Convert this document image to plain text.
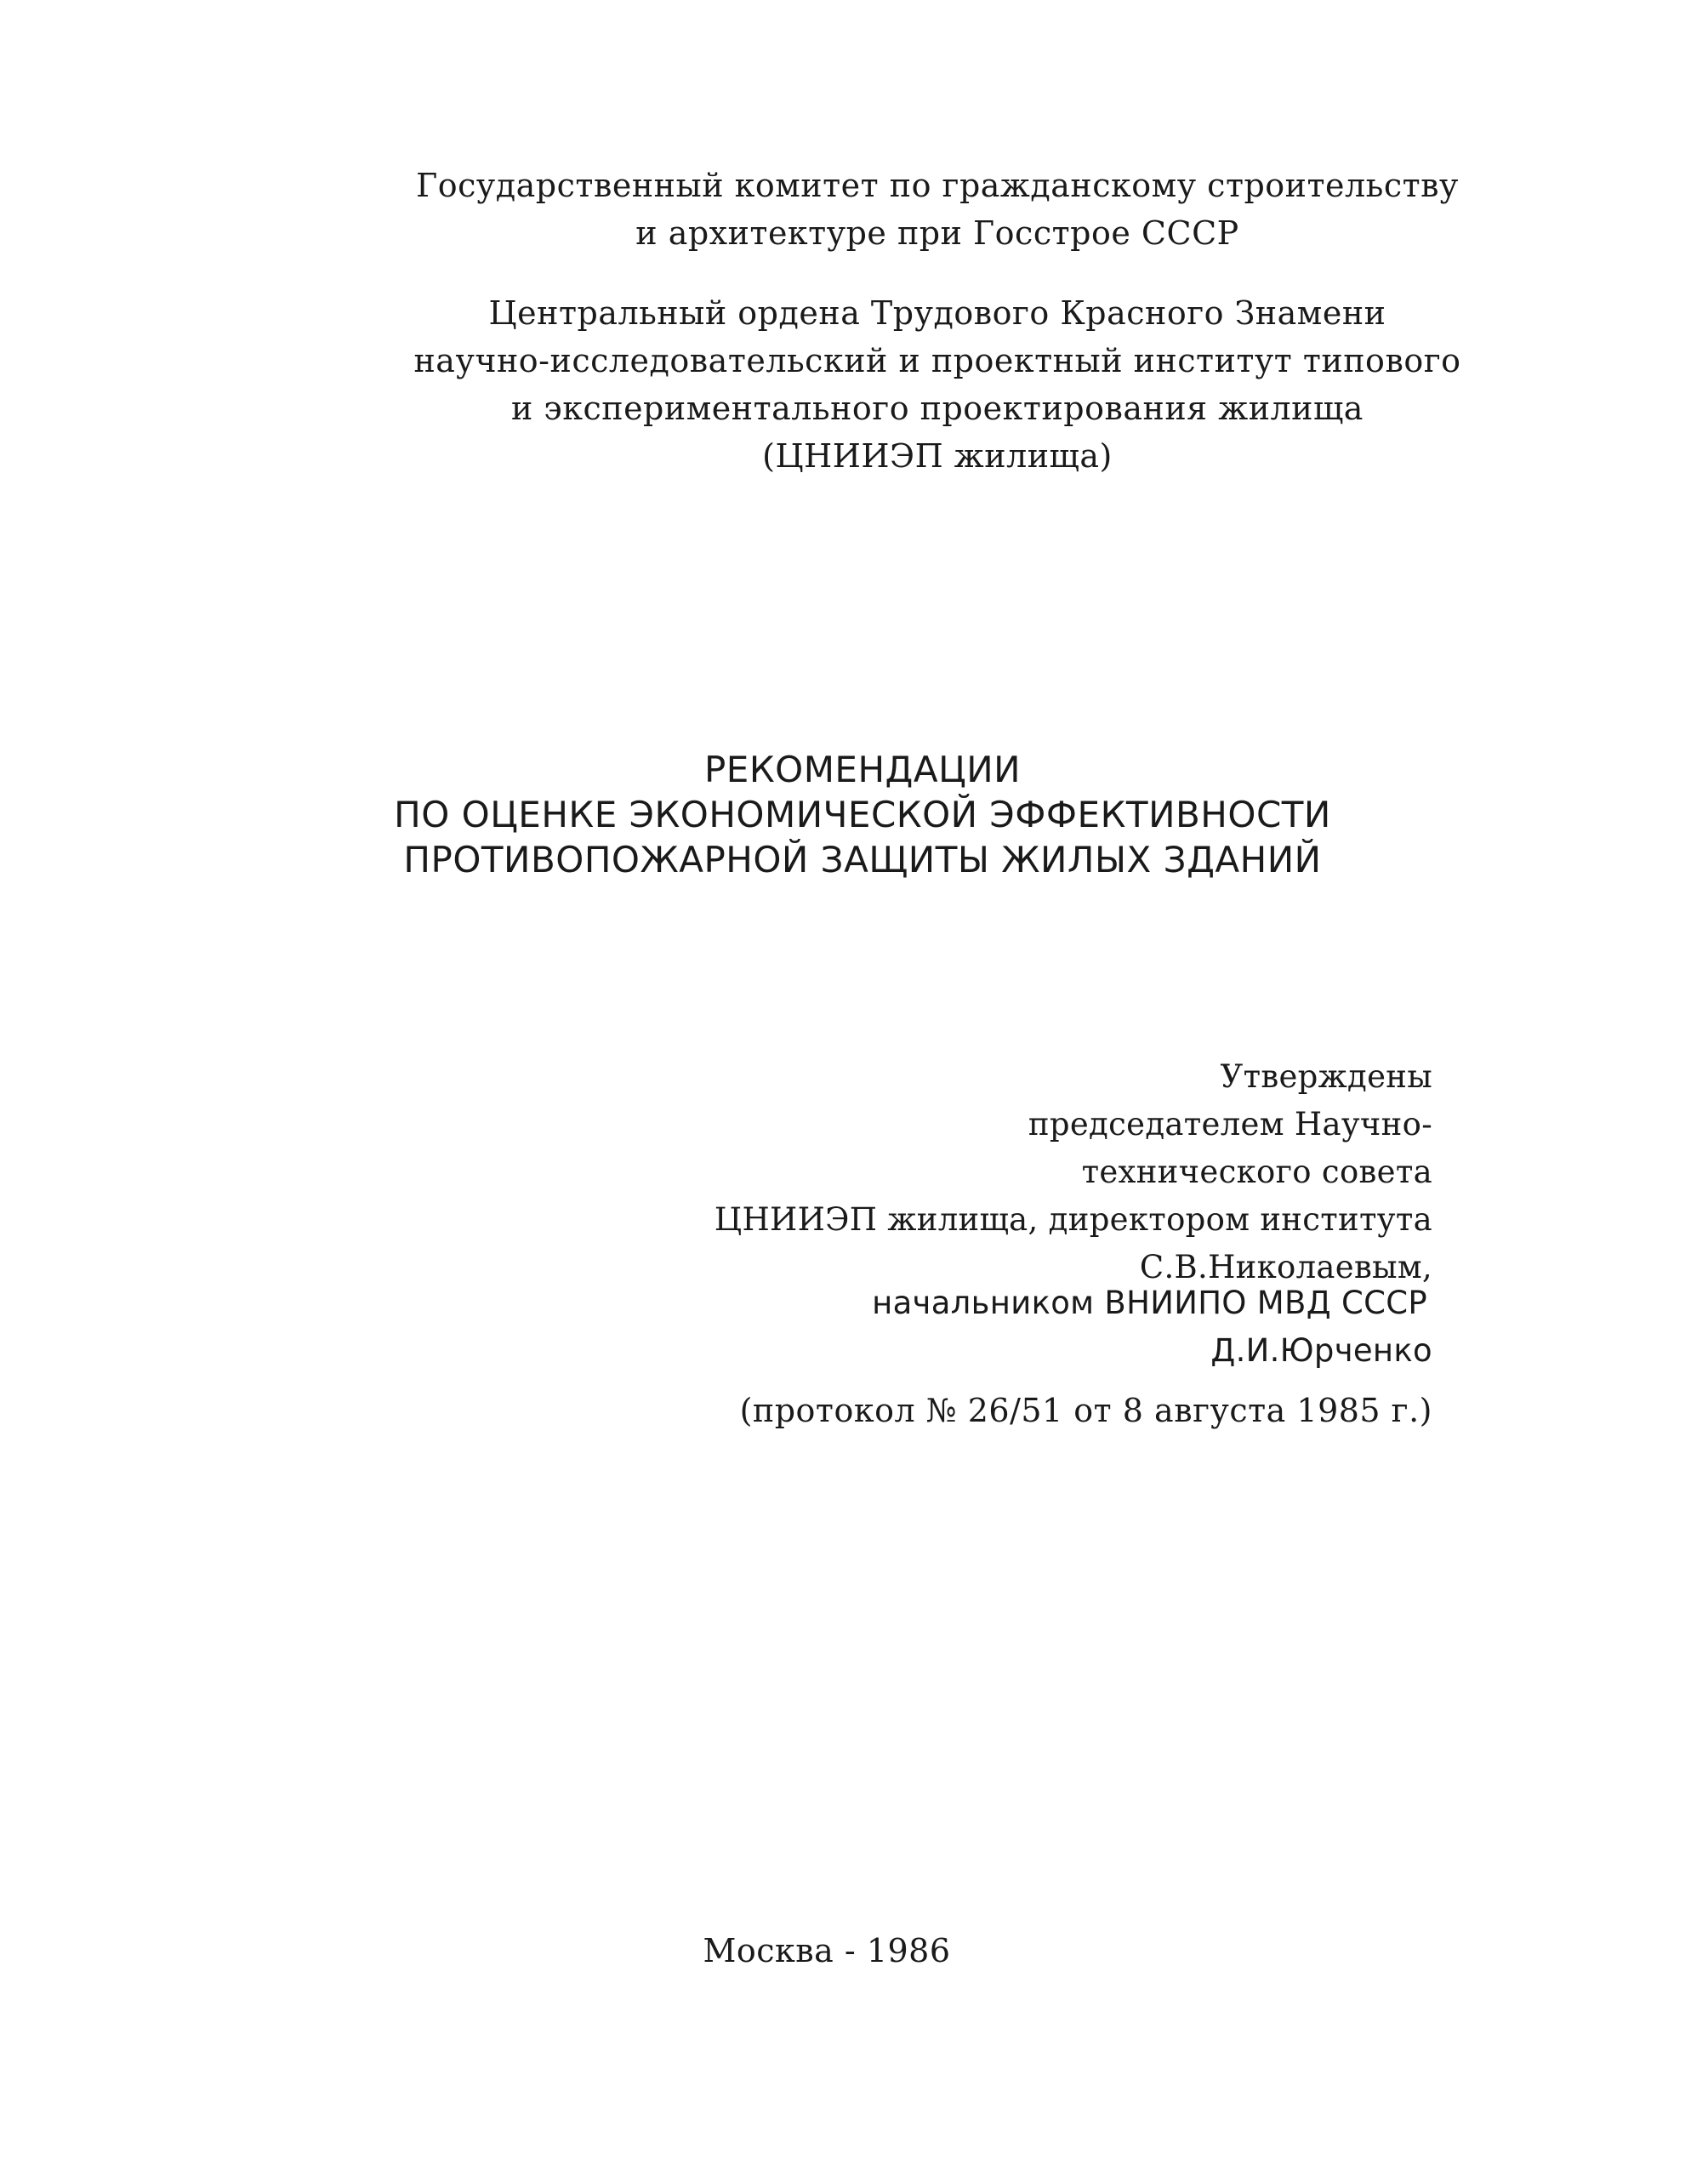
Государственный комитет по гражданскому строительству
и архитектуре при Госстрое СССР
Центральный ордена Трудового Красного Знамени
научно-исследовательский и проектный институт типового
и экспериментального проектирования жилища
(ЦНИИЭП жилища)
РЕКОМЕНДАЦИИ
ПО ОЦЕНКЕ ЭКОНОМИЧЕСКОЙ ЭФФЕКТИВНОСТИ
ПРОТИВОПОЖАРНОЙ ЗАЩИТЫ ЖИЛЫХ ЗДАНИЙ
Утверждены
председателем Научно-
технического совета
ЦНИИЭП жилища, директором института
С.В.Николаевым,
начальником ВНИИПО МВД СССР
Д.И.Юрченко
(протокол № 26/51 от 8 августа 1985 г.)
Москва - 1986
